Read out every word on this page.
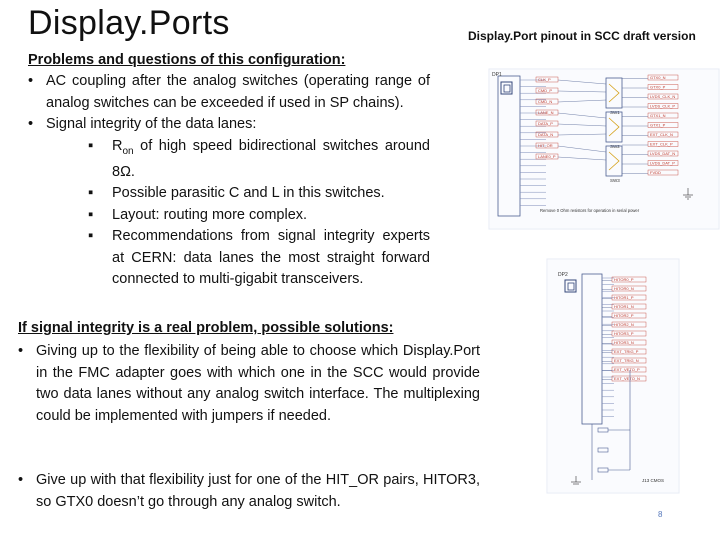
Display.Ports	Display.Port pinout in SCC draft version
Problems and questions of this configuration:
• AC coupling after the analog switches (operating range of analog switches can be exceeded if used in SP chains).
• Signal integrity of the data lanes:
▪ $R_{on}$ of high speed bidirectional switches around 8Ω.
▪ Possible parasitic C and L in this switches.
▪ Layout: routing more complex.
▪ Recommendations from signal integrity experts at CERN: data lanes the most straight forward connected to multi-gigabit transceivers.
If signal integrity is a real problem, possible solutions:
• Giving up to the flexibility of being able to choose which Display.Port in the FMC adapter goes with which one in the SCC would provide two data lanes without any analog switch interface. The multiplexing could be implemented with jumpers if needed.
• Give up with that flexibility just for one of the HIT_OR pairs, HITOR3, so GTX0 doesn’t go through any analog switch.
DP1
CLK_P
CMD_P
CMD_N
LANE_N
DATA_P
DATA_N
HIT_OR
LANE0_P
SW1
SW2
SW3
GTX0_N
GTX0_P
LVDS_CLK_N
LVDS_CLK_P
GTX1_N
GTX1_P
EXT_CLK_N
EXT_CLK_P
LVDS_DAT_N
LVDS_DAT_P
FVDD
Remove 0 Ohm resistors for operation in serial power
DP2
HITOR0_P
HITOR0_N
HITOR1_P
HITOR1_N
HITOR2_P
HITOR2_N
HITOR3_P
HITOR3_N
EXT_TRIG_P
EXT_TRIG_N
EXT_VETO_P
EXT_VETO_N
J13 CMOS
8
